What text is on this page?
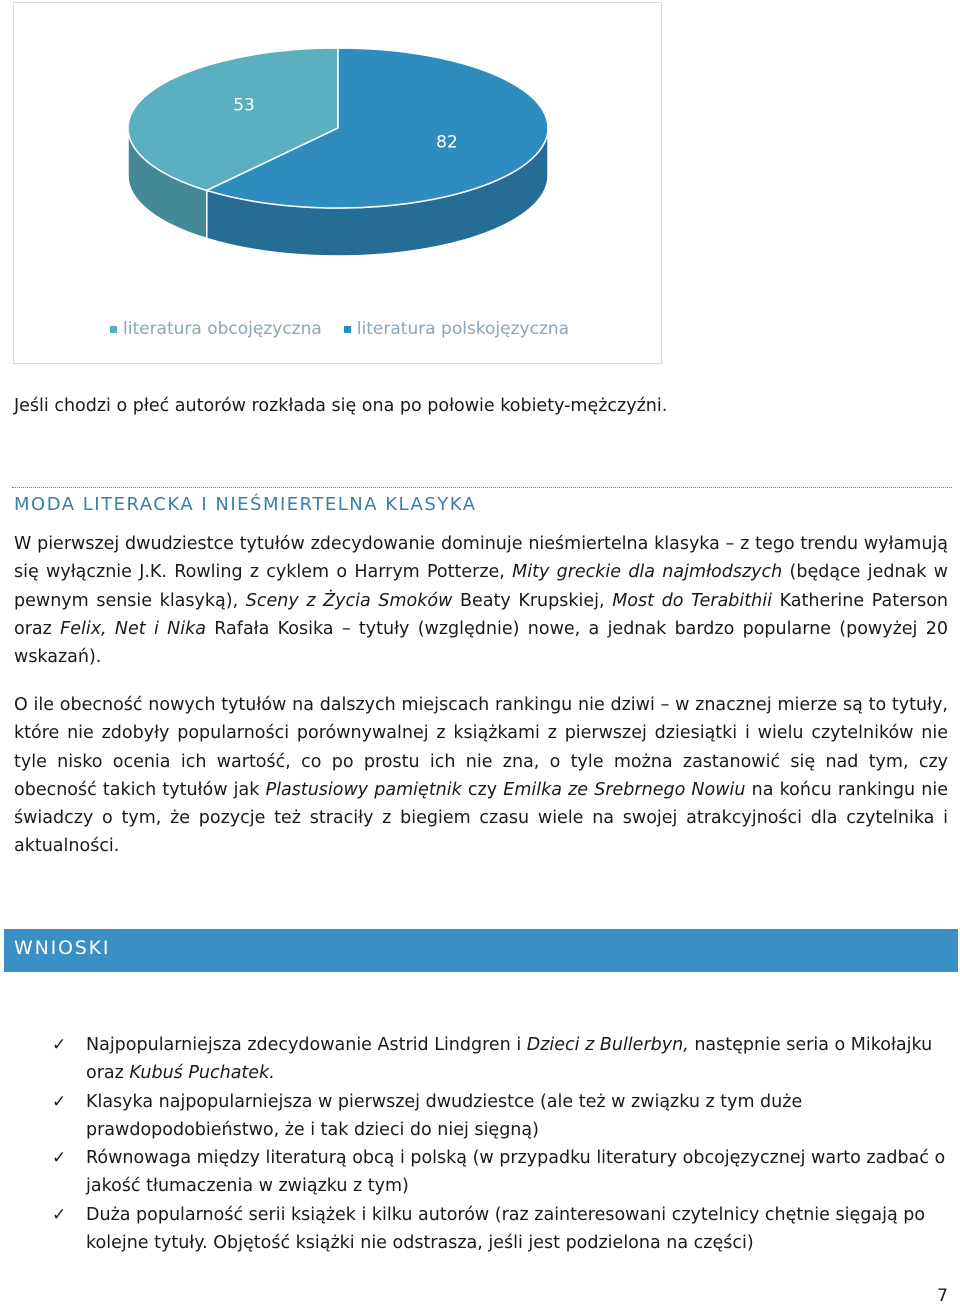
53
82
literatura obcojęzyczna literatura polskojęzyczna
Jeśli chodzi o płeć autorów rozkłada się ona po połowie kobiety-mężczyźni.
MODA LITERACKA I NIEŚMIERTELNA KLASYKA
W pierwszej dwudziestce tytułów zdecydowanie dominuje nieśmiertelna klasyka – z tego trendu wyłamują się wyłącznie J.K. Rowling z cyklem o Harrym Potterze, Mity greckie dla najmłodszych (będące jednak w pewnym sensie klasyką), Sceny z Życia Smoków Beaty Krupskiej, Most do Terabithii Katherine Paterson oraz Felix, Net i Nika Rafała Kosika – tytuły (względnie) nowe, a jednak bardzo popularne (powyżej 20 wskazań).
O ile obecność nowych tytułów na dalszych miejscach rankingu nie dziwi – w znacznej mierze są to tytuły, które nie zdobyły popularności porównywalnej z książkami z pierwszej dziesiątki i wielu czytelników nie tyle nisko ocenia ich wartość, co po prostu ich nie zna, o tyle można zastanowić się nad tym, czy obecność takich tytułów jak Plastusiowy pamiętnik czy Emilka ze Srebrnego Nowiu na końcu rankingu nie świadczy o tym, że pozycje też straciły z biegiem czasu wiele na swojej atrakcyjności dla czytelnika i aktualności.
WNIOSKI
✓ Najpopularniejsza zdecydowanie Astrid Lindgren i Dzieci z Bullerbyn, następnie seria o Mikołajku oraz Kubuś Puchatek.
✓ Klasyka najpopularniejsza w pierwszej dwudziestce (ale też w związku z tym duże prawdopodobieństwo, że i tak dzieci do niej sięgną)
✓ Równowaga między literaturą obcą i polską (w przypadku literatury obcojęzycznej warto zadbać o jakość tłumaczenia w związku z tym)
✓ Duża popularność serii książek i kilku autorów (raz zainteresowani czytelnicy chętnie sięgają po kolejne tytuły. Objętość książki nie odstrasza, jeśli jest podzielona na części)
7
